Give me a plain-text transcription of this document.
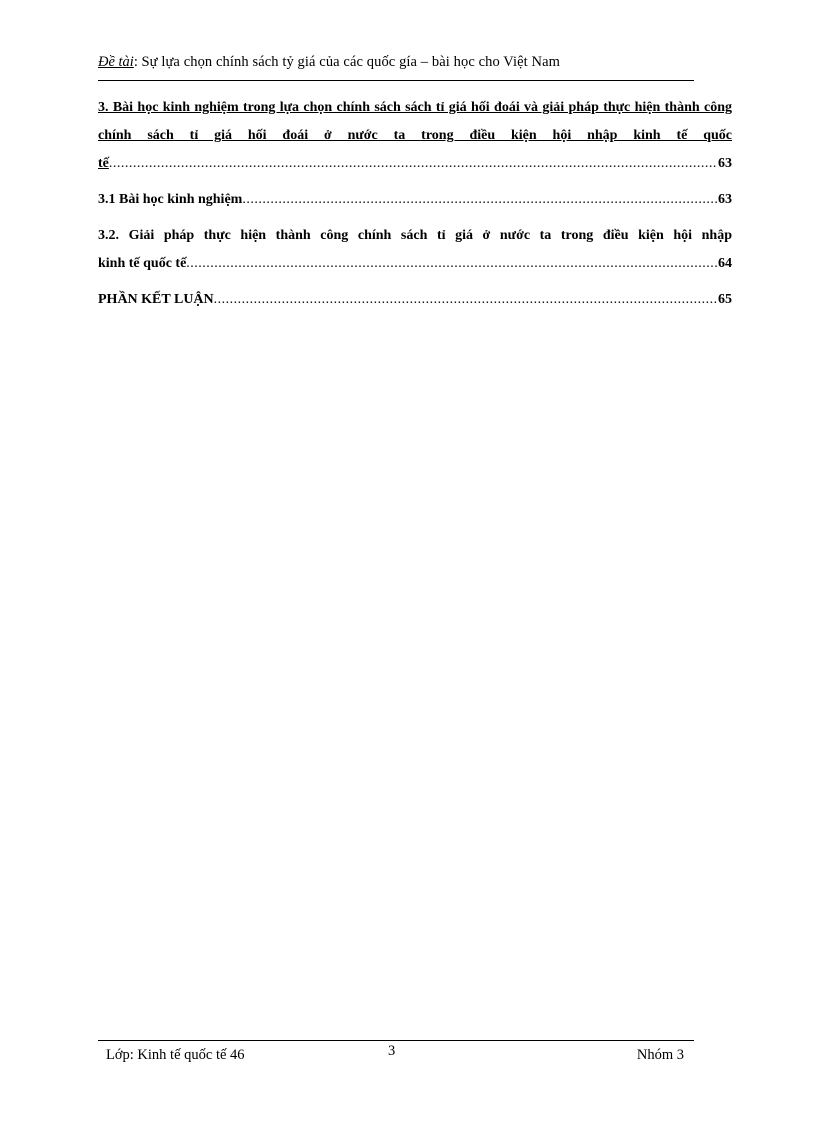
Đề tài: Sự lựa chọn chính sách tỷ giá của các quốc gía – bài học cho Việt Nam
3. Bài học kinh nghiệm trong lựa chọn chính sách sách tỉ giá hối đoái và giải pháp thực hiện thành công chính sách tỉ giá hối đoái ở nước ta trong điều kiện hội nhập kinh tế quốc
tế .....	63
3.1 Bài học kinh nghiệm .....	63
3.2. Giải pháp thực hiện thành công chính sách tỉ giá ở nước ta trong điều kiện hội nhập
kinh tế quốc tế .....	64
PHẦN KẾT LUẬN .....	65
Lớp: Kinh tế quốc tế 46	3	Nhóm 3
